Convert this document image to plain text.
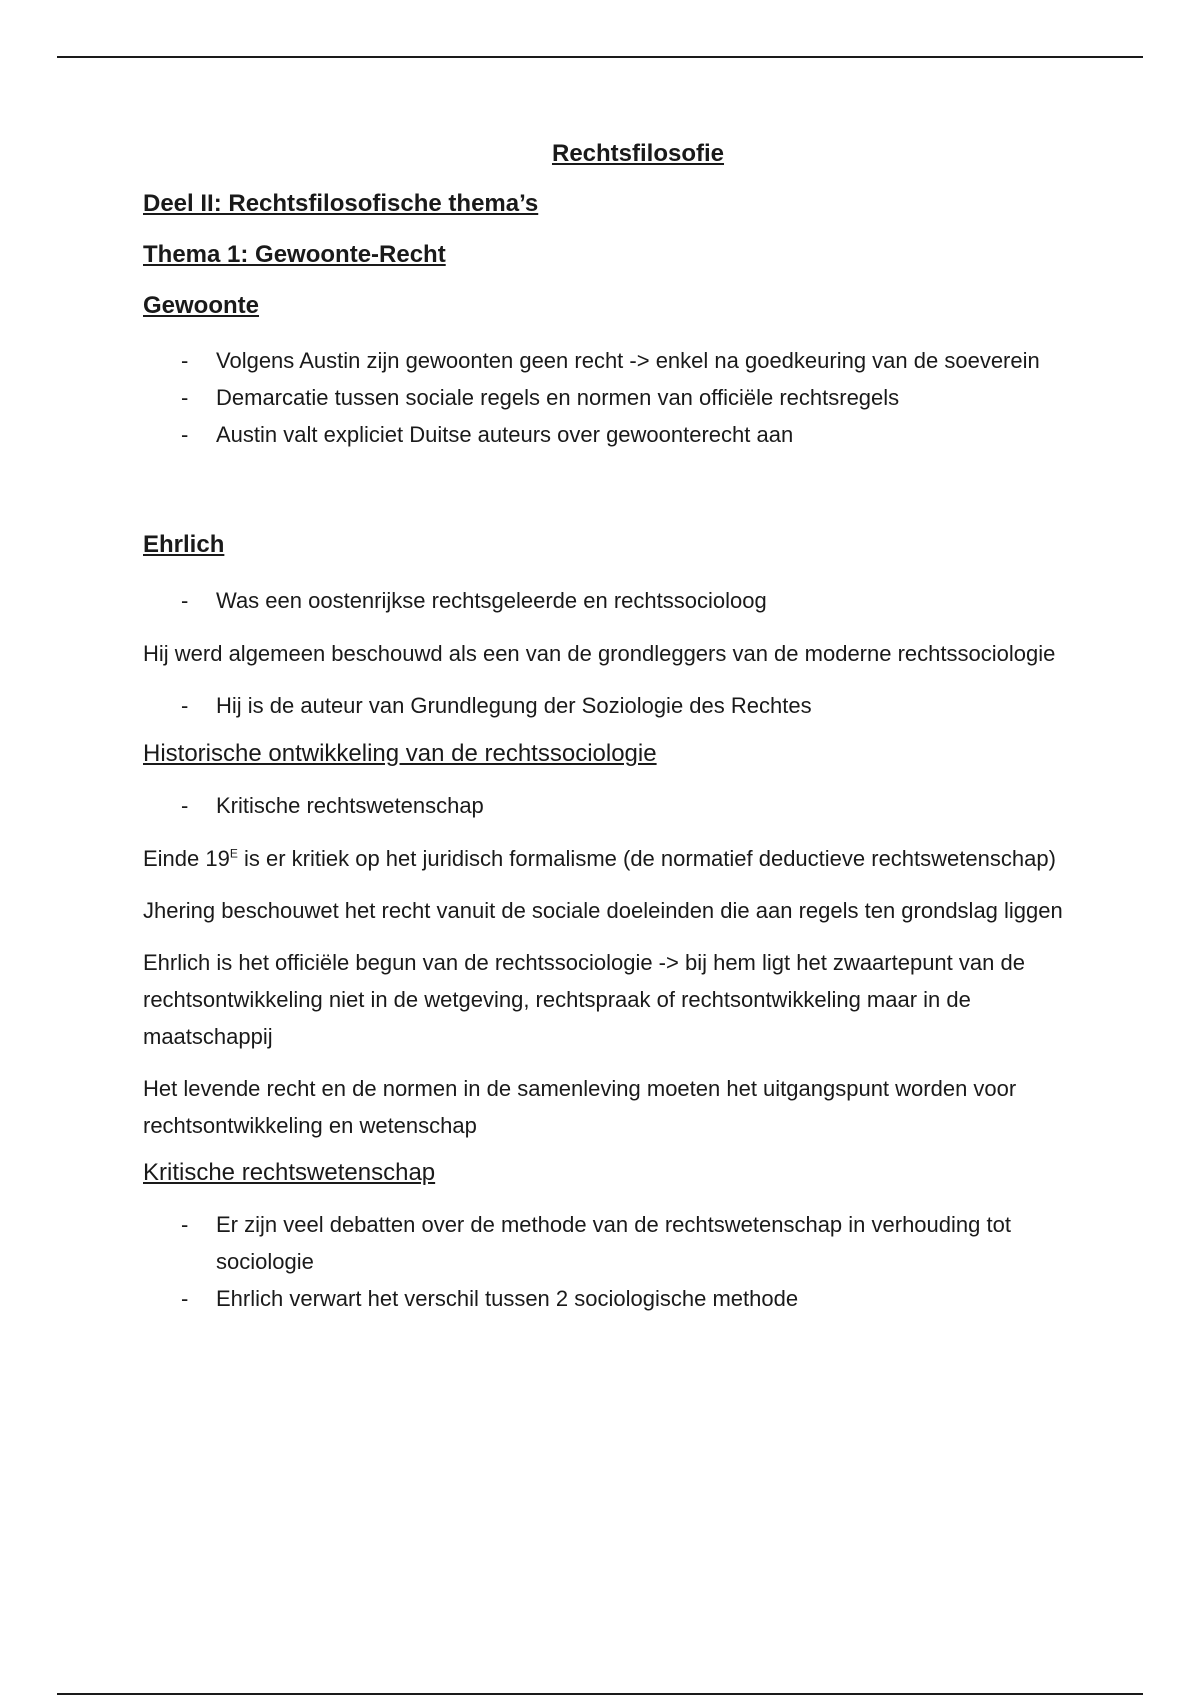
Rechtsfilosofie
Deel II: Rechtsfilosofische thema’s
Thema 1: Gewoonte-Recht
Gewoonte
- Volgens Austin zijn gewoonten geen recht -> enkel na goedkeuring van de soeverein
- Demarcatie tussen sociale regels en normen van officiële rechtsregels
- Austin valt expliciet Duitse auteurs over gewoonterecht aan
Ehrlich
- Was een oostenrijkse rechtsgeleerde en rechtssocioloog

Hij werd algemeen beschouwd als een van de grondleggers van de moderne rechtssociologie

- Hij is de auteur van Grundlegung der Soziologie des Rechtes
Historische ontwikkeling van de rechtssociologie
- Kritische rechtswetenschap

Einde $19^E$ is er kritiek op het juridisch formalisme (de normatief deductieve rechtswetenschap)

Jhering beschouwet het recht vanuit de sociale doeleinden die aan regels ten grondslag liggen

Ehrlich is het officiële begun van de rechtssociologie -> bij hem ligt het zwaartepunt van de rechtsontwikkeling niet in de wetgeving, rechtspraak of rechtsontwikkeling maar in de maatschappij

Het levende recht en de normen in de samenleving moeten het uitgangspunt worden voor rechtsontwikkeling en wetenschap

Kritische rechtswetenschap
- Er zijn veel debatten over de methode van de rechtswetenschap in verhouding tot sociologie
- Ehrlich verwart het verschil tussen 2 sociologische methode
